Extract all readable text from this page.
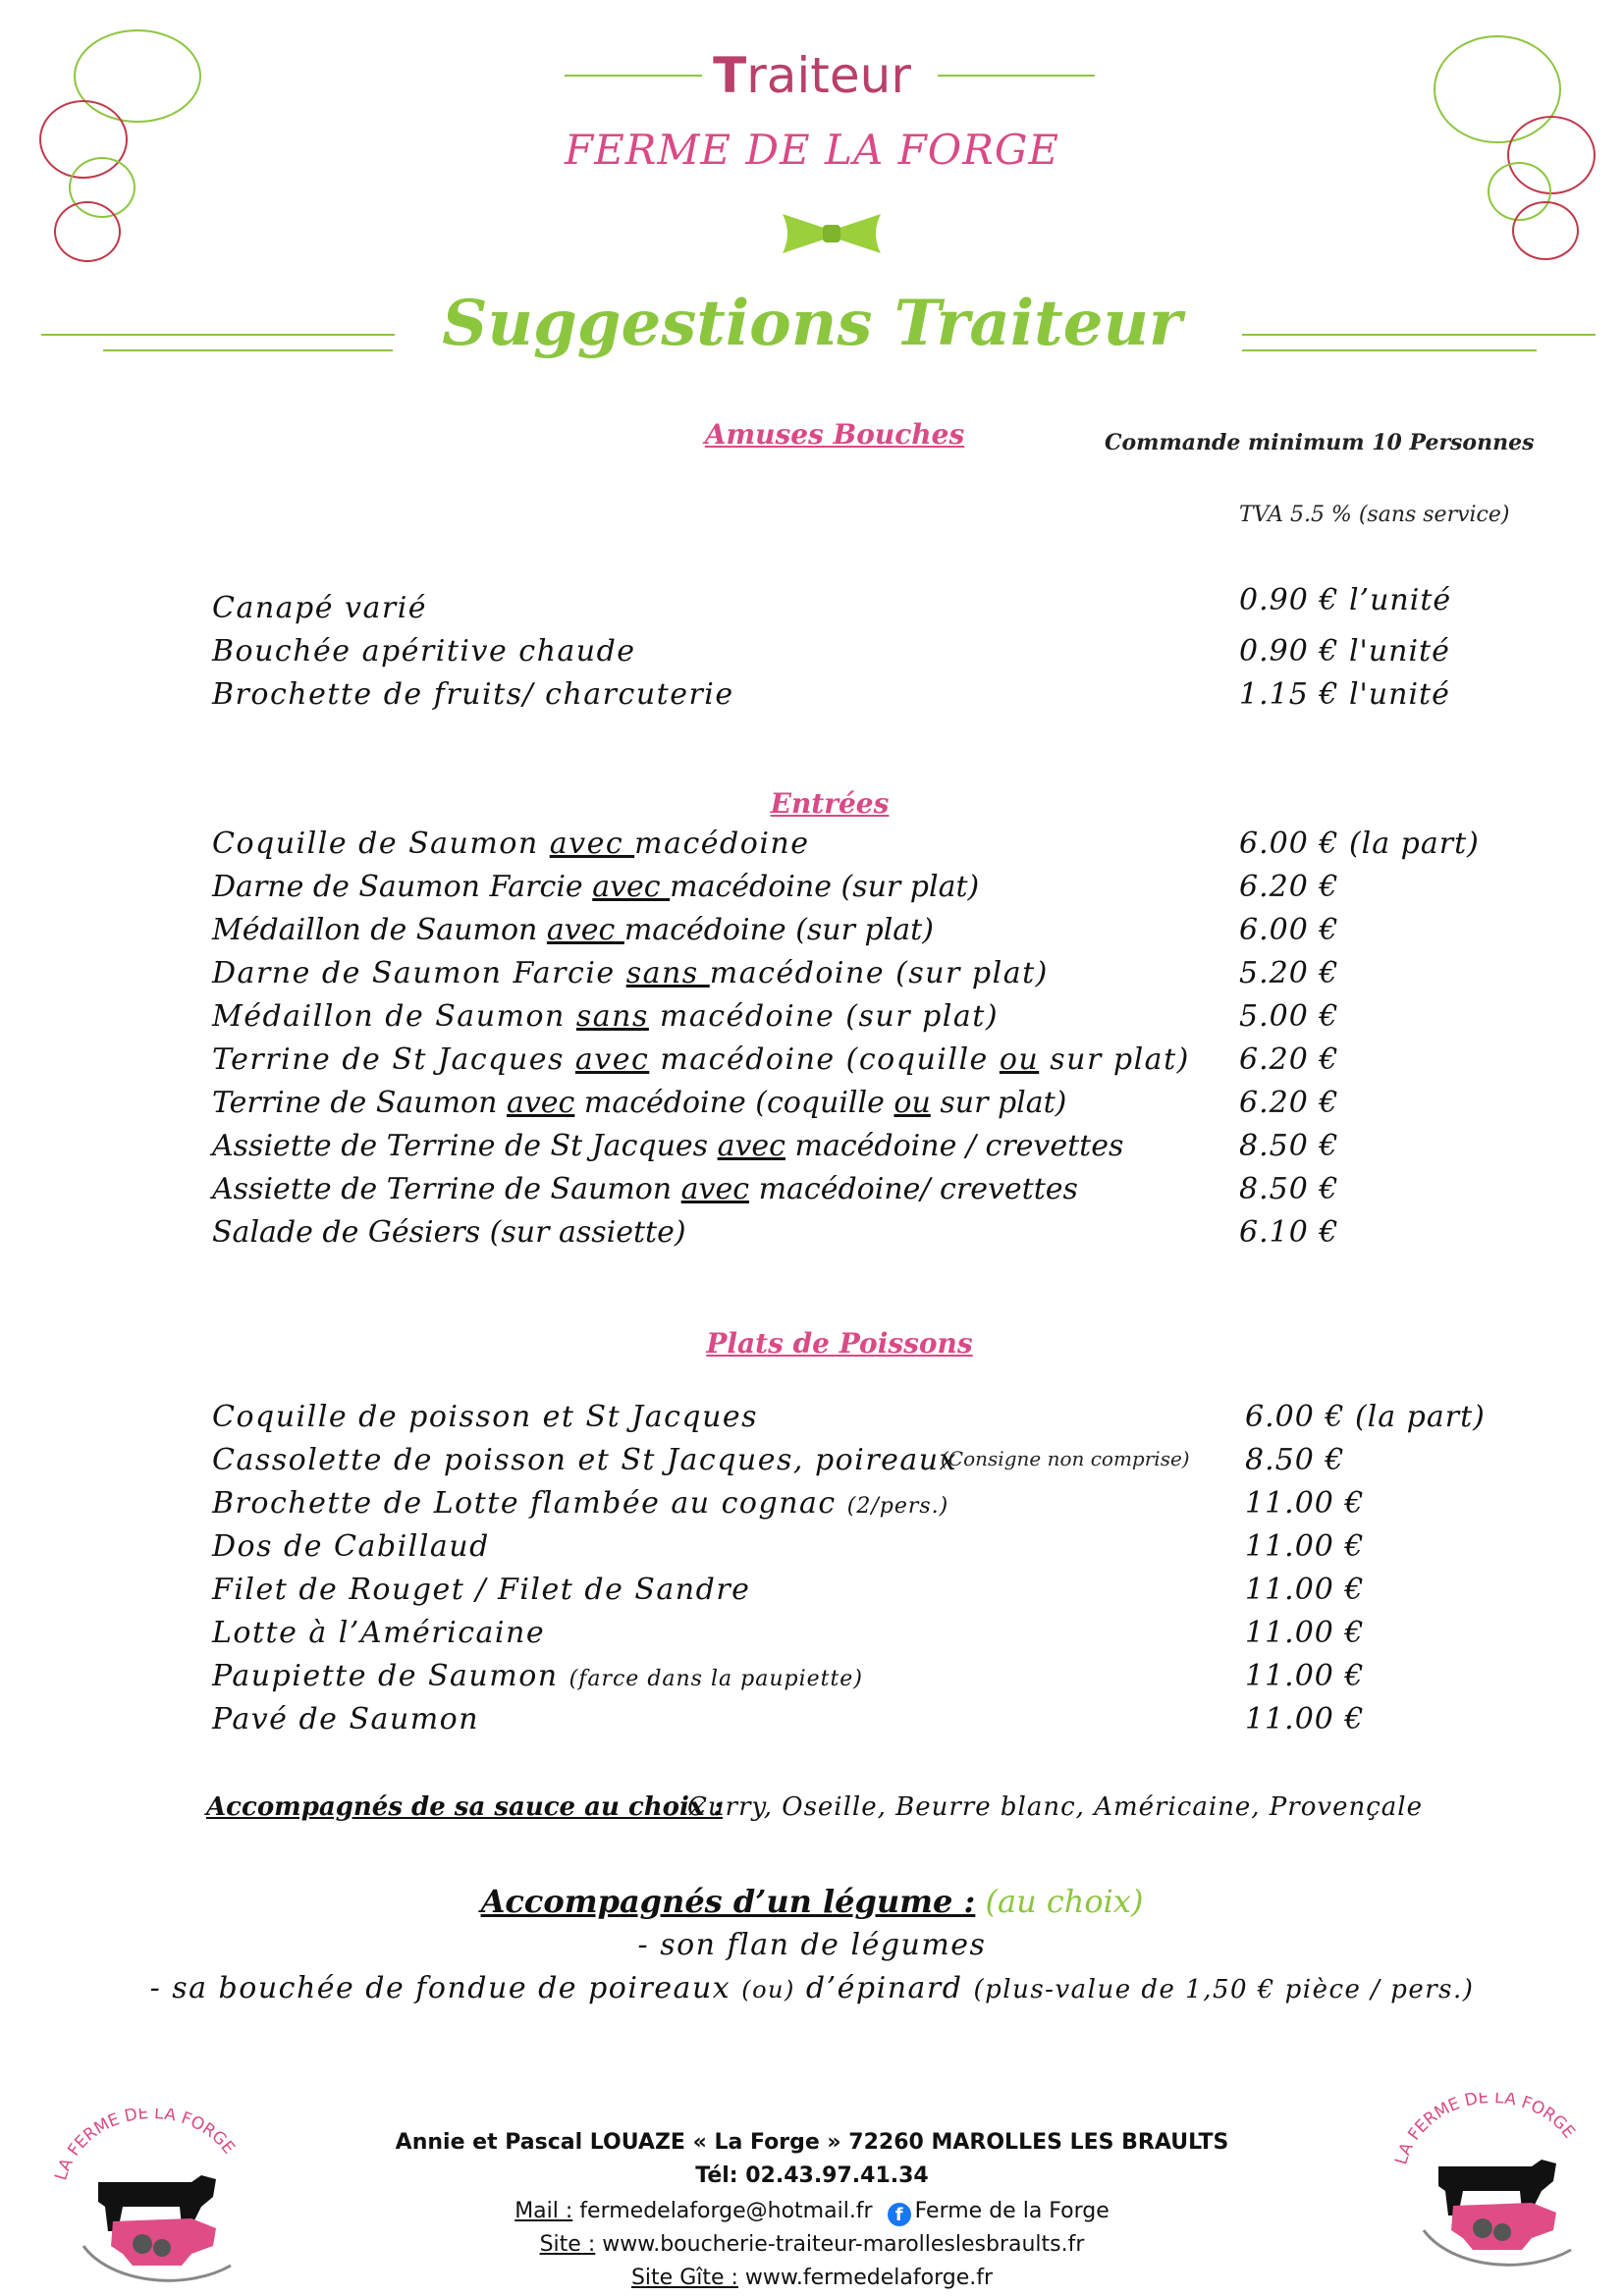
Traiteur
FERME DE LA FORGE
Suggestions Traiteur
Amuses Bouches	Commande minimum 10 Personnes
TVA 5.5 % (sans service)
Canapé varié	0.90 € l’unité
Bouchée apéritive chaude	0.90 € l'unité
Brochette de fruits/ charcuterie	1.15 € l'unité
Entrées
Coquille de Saumon avec macédoine	6.00 € (la part)
Darne de Saumon Farcie avec macédoine (sur plat)	6.20 €
Médaillon de Saumon avec macédoine (sur plat)	6.00 €
Darne de Saumon Farcie sans macédoine (sur plat)	5.20 €
Médaillon de Saumon sans macédoine (sur plat)	5.00 €
Terrine de St Jacques avec macédoine (coquille ou sur plat) 6.20 €
Terrine de Saumon avec macédoine (coquille ou sur plat)	6.20 €
Assiette de Terrine de St Jacques avec macédoine / crevettes	8.50 €
Assiette de Terrine de Saumon avec macédoine/ crevettes	8.50 €
Salade de Gésiers (sur assiette)	6.10 €
Plats de Poissons
(Consigne non comprise)
Coquille de poisson et St Jacques	6.00 € (la part)
Cassolette de poisson et St Jacques, poireaux	8.50 €
Brochette de Lotte flambée au cognac (2/pers.)	11.00 €
Dos de Cabillaud	11.00 €
Filet de Rouget / Filet de Sandre	11.00 €
Lotte à l’Américaine	11.00 €
Paupiette de Saumon (farce dans la paupiette)	11.00 €
Pavé de Saumon	11.00 €
Accompagnés de sa sauce au choix :
Curry, Oseille, Beurre blanc, Américaine, Provençale
Accompagnés d’un légume : (au choix)
- son flan de légumes
- sa bouchée de fondue de poireaux (ou) d’épinard (plus-value de 1,50 € pièce / pers.)
LA FERME DE LA FORGE
LA FERME DE LA FORGE
Annie et Pascal LOUAZE « La Forge » 72260 MAROLLES LES BRAULTS
Tél: 02.43.97.41.34
Mail : fermedelaforge@hotmail.fr f Ferme de la Forge
Site : www.boucherie-traiteur-marolleslesbraults.fr
Site Gîte : www.fermedelaforge.fr
